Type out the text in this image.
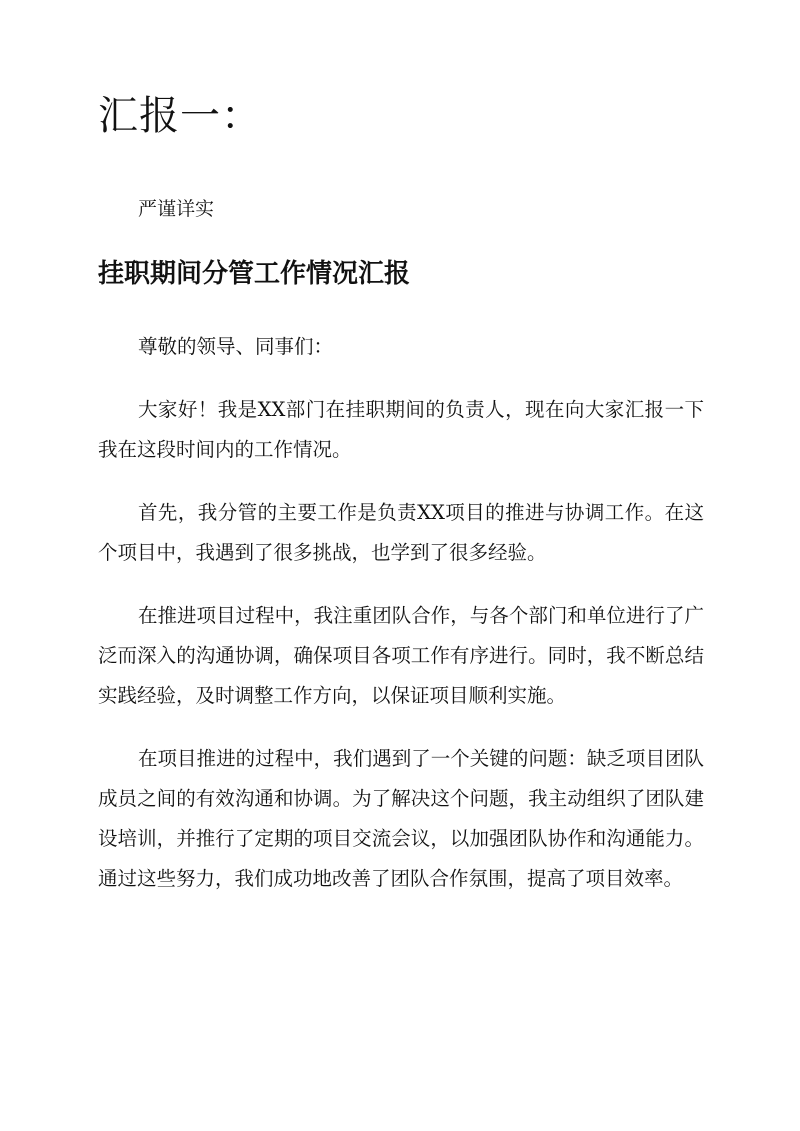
汇报一：

严谨详实

挂职期间分管工作情况汇报

尊敬的领导、同事们：

大家好！我是XX部门在挂职期间的负责人，现在向大家汇报一下我在这段时间内的工作情况。

首先，我分管的主要工作是负责XX项目的推进与协调工作。在这个项目中，我遇到了很多挑战，也学到了很多经验。

在推进项目过程中，我注重团队合作，与各个部门和单位进行了广泛而深入的沟通协调，确保项目各项工作有序进行。同时，我不断总结实践经验，及时调整工作方向，以保证项目顺利实施。

在项目推进的过程中，我们遇到了一个关键的问题：缺乏项目团队成员之间的有效沟通和协调。为了解决这个问题，我主动组织了团队建设培训，并推行了定期的项目交流会议，以加强团队协作和沟通能力。通过这些努力，我们成功地改善了团队合作氛围，提高了项目效率。
